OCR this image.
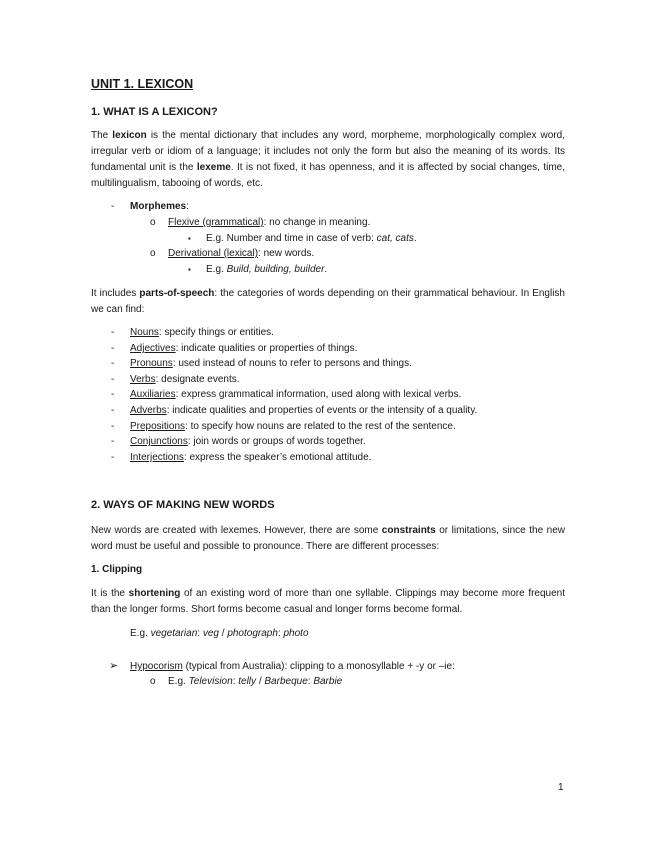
UNIT 1. LEXICON
1. WHAT IS A LEXICON?
The lexicon is the mental dictionary that includes any word, morpheme, morphologically complex word, irregular verb or idiom of a language; it includes not only the form but also the meaning of its words. Its fundamental unit is the lexeme. It is not fixed, it has openness, and it is affected by social changes, time, multilingualism, tabooing of words, etc.
- Morphemes:
o Flexive (grammatical): no change in meaning.
▪ E.g. Number and time in case of verb: cat, cats.
o Derivational (lexical): new words.
▪ E.g. Build, building, builder.
It includes parts-of-speech: the categories of words depending on their grammatical behaviour. In English we can find:
- Nouns: specify things or entities.
- Adjectives: indicate qualities or properties of things.
- Pronouns: used instead of nouns to refer to persons and things.
- Verbs: designate events.
- Auxiliaries: express grammatical information, used along with lexical verbs.
- Adverbs: indicate qualities and properties of events or the intensity of a quality.
- Prepositions: to specify how nouns are related to the rest of the sentence.
- Conjunctions: join words or groups of words together.
- Interjections: express the speaker’s emotional attitude.
2. WAYS OF MAKING NEW WORDS
New words are created with lexemes. However, there are some constraints or limitations, since the new word must be useful and possible to pronounce. There are different processes:
1. Clipping
It is the shortening of an existing word of more than one syllable. Clippings may become more frequent than the longer forms. Short forms become casual and longer forms become formal.
E.g. vegetarian: veg / photograph: photo
➢ Hypocorism (typical from Australia): clipping to a monosyllable + -y or –ie:
o E.g. Television: telly / Barbeque: Barbie
1
